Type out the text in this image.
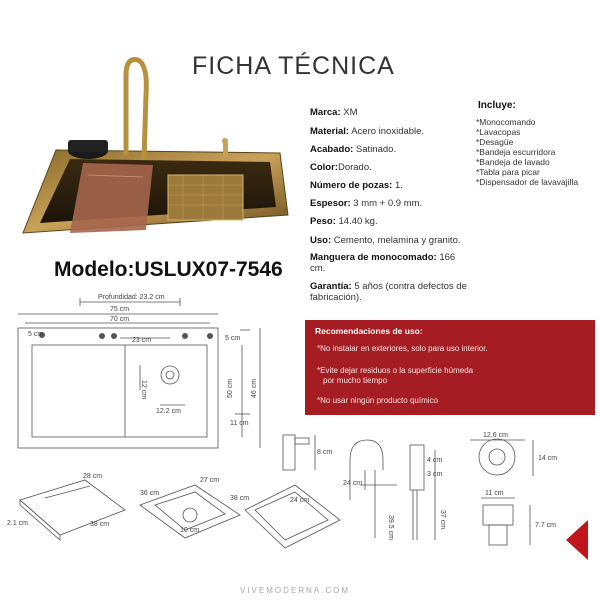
FICHA TÉCNICA
Modelo:USLUX07-7546
Marca: XM
Material: Acero inoxidable.
Acabado: Satinado.
Color:Dorado.
Número de pozas: 1.
Espesor: 3 mm + 0.9 mm.
Peso: 14.40 kg.
Uso: Cemento, melamina y granito.
Manguera de monocomado: 166 cm.
Garantía: 5 años (contra defectos de fabricación).
Incluye:
*Monocomando
*Lavacopas
*Desagüe
*Bandeja escurridora
*Bandeja de lavado
*Tabla para picar
*Dispensador de lavavajilla
Recomendaciones de uso:
*No instalar en exteriores, solo para uso interior.
*Evite dejar residuos o la superficie húmeda
por mucho tiempo
*No usar ningún producto químico
Profundidad: 23.2 cm
75 cm
70 cm
23 cm
5 cm
5 cm
12 cm
12.2 cm
50 cm 46 cm
11 cm
28 cm
38 cm
2.1 cm
36 cm
27 cm
10 cm
38 cm	24 cm
8 cm
24 cm
39.5 cm
4 cm
3 cm
37 cm
12.6 cm
14 cm
11 cm
7.7 cm
VIVEMODERNA.COM
